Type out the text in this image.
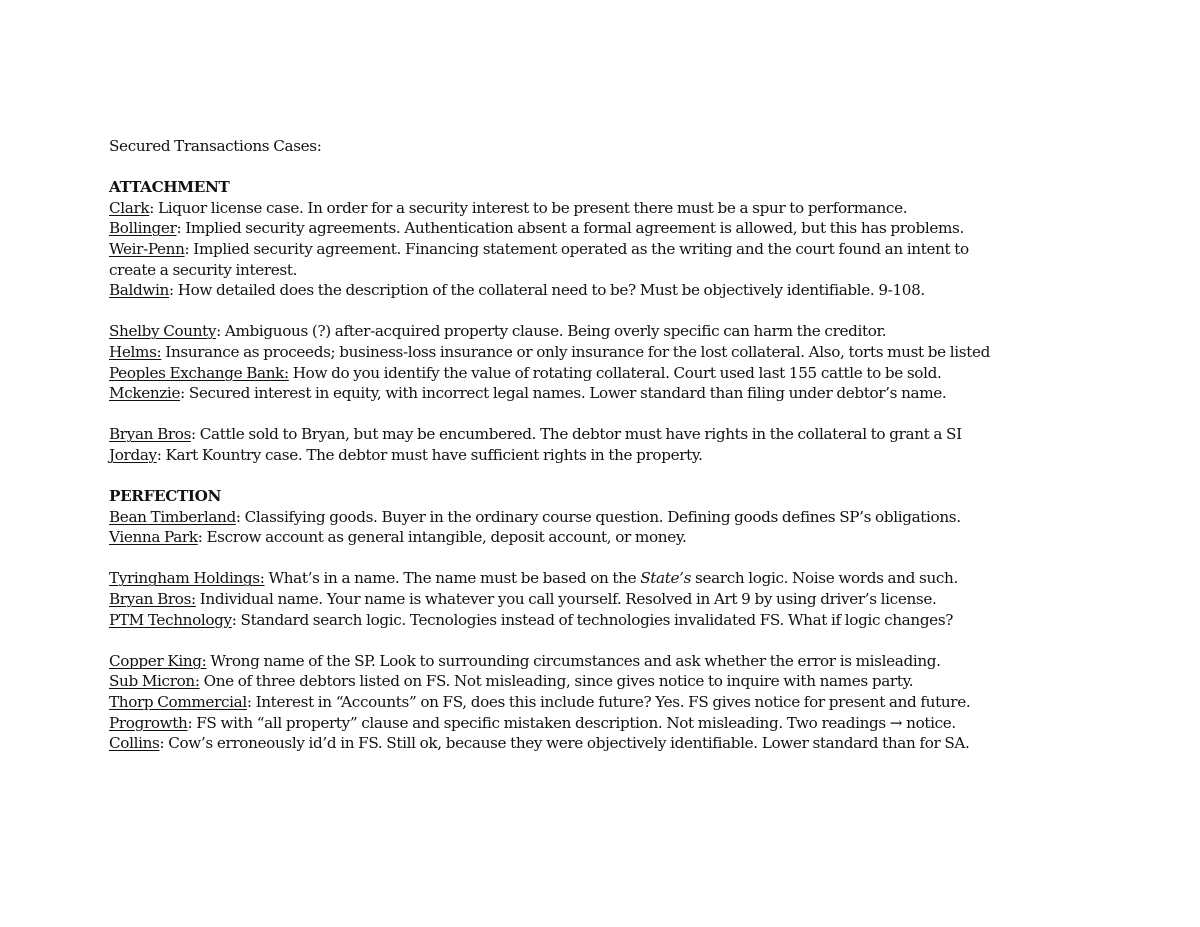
Secured Transactions Cases:
ATTACHMENT
Clark: Liquor license case. In order for a security interest to be present there must be a spur to performance.
Bollinger: Implied security agreements. Authentication absent a formal agreement is allowed, but this has problems.
Weir-Penn: Implied security agreement. Financing statement operated as the writing and the court found an intent to
create a security interest.
Baldwin: How detailed does the description of the collateral need to be? Must be objectively identifiable. 9-108.
Shelby County: Ambiguous (?) after-acquired property clause. Being overly specific can harm the creditor.
Helms: Insurance as proceeds; business-loss insurance or only insurance for the lost collateral. Also, torts must be listed
Peoples Exchange Bank: How do you identify the value of rotating collateral. Court used last 155 cattle to be sold.
Mckenzie: Secured interest in equity, with incorrect legal names. Lower standard than filing under debtor’s name.
Bryan Bros: Cattle sold to Bryan, but may be encumbered. The debtor must have rights in the collateral to grant a SI
Jorday: Kart Kountry case. The debtor must have sufficient rights in the property.
PERFECTION
Bean Timberland: Classifying goods. Buyer in the ordinary course question. Defining goods defines SP’s obligations.
Vienna Park: Escrow account as general intangible, deposit account, or money.
Tyringham Holdings: What’s in a name. The name must be based on the State’s search logic. Noise words and such.
Bryan Bros: Individual name. Your name is whatever you call yourself. Resolved in Art 9 by using driver’s license.
PTM Technology: Standard search logic. Tecnologies instead of technologies invalidated FS. What if logic changes?
Copper King: Wrong name of the SP. Look to surrounding circumstances and ask whether the error is misleading.
Sub Micron: One of three debtors listed on FS. Not misleading, since gives notice to inquire with names party.
Thorp Commercial: Interest in “Accounts” on FS, does this include future? Yes. FS gives notice for present and future.
Progrowth: FS with “all property” clause and specific mistaken description. Not misleading. Two readings → notice.
Collins: Cow’s erroneously id’d in FS. Still ok, because they were objectively identifiable. Lower standard than for SA.
